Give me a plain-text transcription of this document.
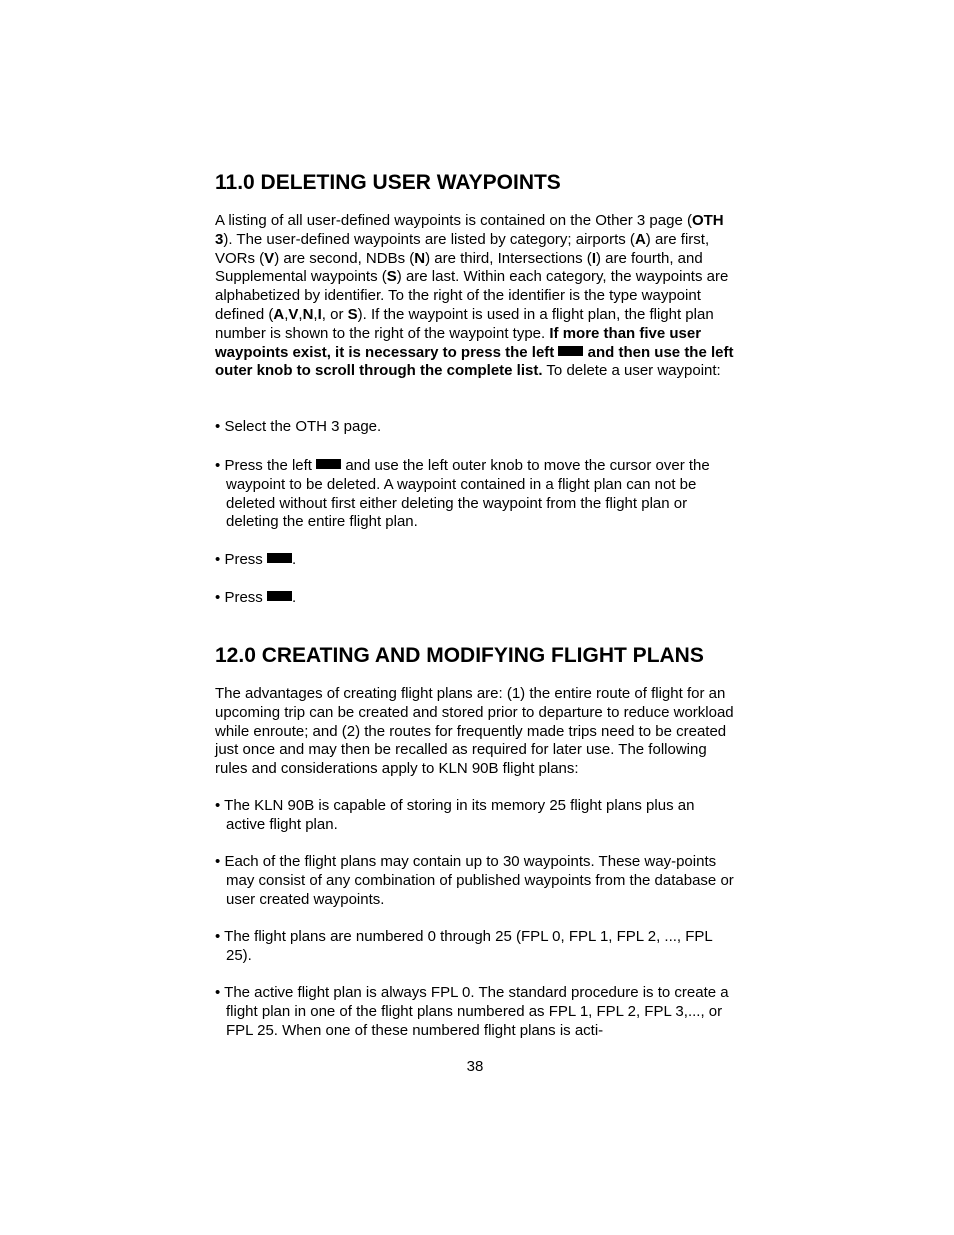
11.0 DELETING USER WAYPOINTS

A listing of all user-defined waypoints is contained on the Other 3 page (OTH 3). The user-defined waypoints are listed by category; airports (A) are first, VORs (V) are second, NDBs (N) are third, Intersections (I) are fourth, and Supplemental waypoints (S) are last. Within each category, the waypoints are alphabetized by identifier. To the right of the identifier is the type waypoint defined (A,V,N,I, or S). If the waypoint is used in a flight plan, the flight plan number is shown to the right of the waypoint type. If more than five user waypoints exist, it is necessary to press the left  and then use the left outer knob to scroll through the complete list. To delete a user waypoint:

• Select the OTH 3 page.

• Press the left  and use the left outer knob to move the cursor over the waypoint to be deleted. A waypoint contained in a flight plan can not be deleted without first either deleting the waypoint from the flight plan or deleting the entire flight plan.

• Press .

• Press .

12.0 CREATING AND MODIFYING FLIGHT PLANS

The advantages of creating flight plans are: (1) the entire route of flight for an upcoming trip can be created and stored prior to departure to reduce workload while enroute; and (2) the routes for frequently made trips need to be created just once and may then be recalled as required for later use. The following rules and considerations apply to KLN 90B flight plans:

• The KLN 90B is capable of storing in its memory 25 flight plans plus an active flight plan.

• Each of the flight plans may contain up to 30 waypoints. These way-points may consist of any combination of published waypoints from the database or user created waypoints.

• The flight plans are numbered 0 through 25 (FPL 0, FPL 1, FPL 2, ..., FPL 25).

• The active flight plan is always FPL 0. The standard procedure is to create a flight plan in one of the flight plans numbered as FPL 1, FPL 2, FPL 3,..., or FPL 25. When one of these numbered flight plans is acti-

38
